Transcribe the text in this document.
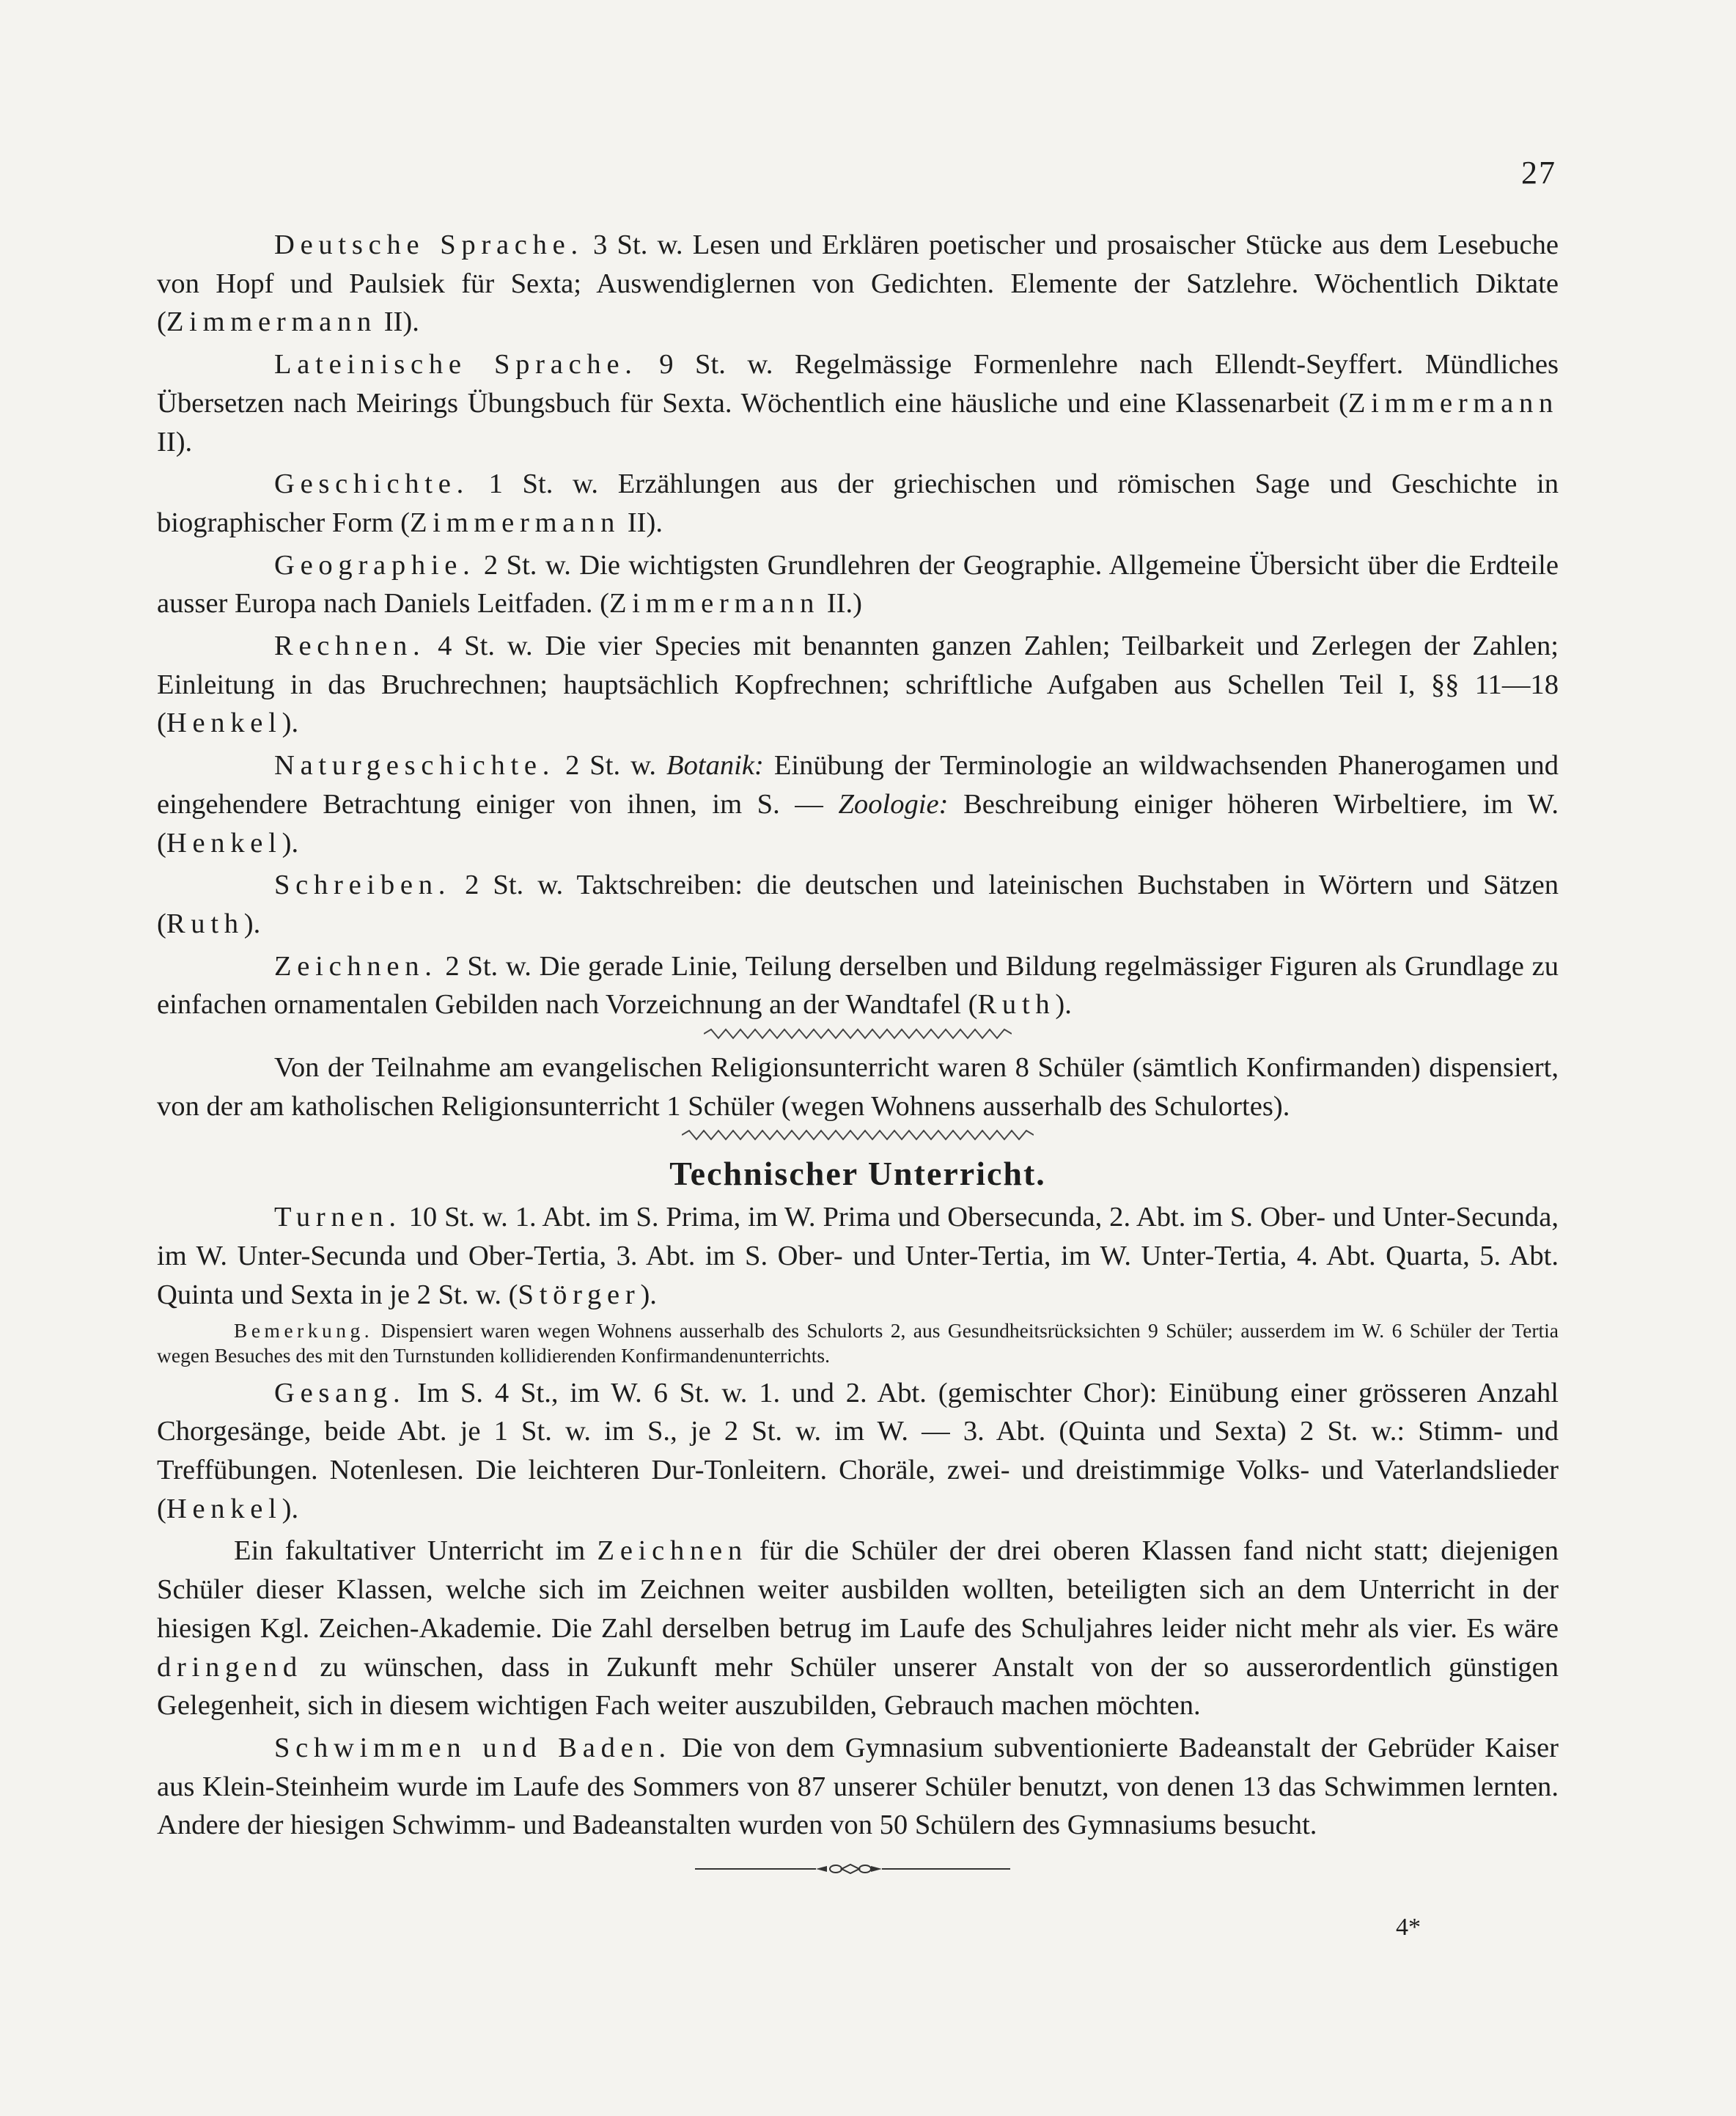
27

Deutsche Sprache. 3 St. w. Lesen und Erklären poetischer und prosaischer Stücke aus dem Lesebuche von Hopf und Paulsiek für Sexta; Auswendiglernen von Gedichten. Elemente der Satzlehre. Wöchentlich Diktate (Zimmermann II).

Lateinische Sprache. 9 St. w. Regelmässige Formenlehre nach Ellendt-Seyffert. Mündliches Übersetzen nach Meirings Übungsbuch für Sexta. Wöchentlich eine häusliche und eine Klassenarbeit (Zimmermann II).

Geschichte. 1 St. w. Erzählungen aus der griechischen und römischen Sage und Geschichte in biographischer Form (Zimmermann II).

Geographie. 2 St. w. Die wichtigsten Grundlehren der Geographie. Allgemeine Übersicht über die Erdteile ausser Europa nach Daniels Leitfaden. (Zimmermann II.)

Rechnen. 4 St. w. Die vier Species mit benannten ganzen Zahlen; Teilbarkeit und Zerlegen der Zahlen; Einleitung in das Bruchrechnen; hauptsächlich Kopfrechnen; schriftliche Aufgaben aus Schellen Teil I, §§ 11—18 (Henkel).

Naturgeschichte. 2 St. w. Botanik: Einübung der Terminologie an wildwachsenden Phanerogamen und eingehendere Betrachtung einiger von ihnen, im S. — Zoologie: Beschreibung einiger höheren Wirbeltiere, im W. (Henkel).

Schreiben. 2 St. w. Taktschreiben: die deutschen und lateinischen Buchstaben in Wörtern und Sätzen (Ruth).

Zeichnen. 2 St. w. Die gerade Linie, Teilung derselben und Bildung regelmässiger Figuren als Grundlage zu einfachen ornamentalen Gebilden nach Vorzeichnung an der Wandtafel (Ruth).

Von der Teilnahme am evangelischen Religionsunterricht waren 8 Schüler (sämtlich Konfirmanden) dispensiert, von der am katholischen Religionsunterricht 1 Schüler (wegen Wohnens ausserhalb des Schulortes).

Technischer Unterricht.

Turnen. 10 St. w. 1. Abt. im S. Prima, im W. Prima und Obersecunda, 2. Abt. im S. Ober- und Unter-Secunda, im W. Unter-Secunda und Ober-Tertia, 3. Abt. im S. Ober- und Unter-Tertia, im W. Unter-Tertia, 4. Abt. Quarta, 5. Abt. Quinta und Sexta in je 2 St. w. (Störger).

Bemerkung. Dispensiert waren wegen Wohnens ausserhalb des Schulorts 2, aus Gesundheitsrücksichten 9 Schüler; ausserdem im W. 6 Schüler der Tertia wegen Besuches des mit den Turnstunden kollidierenden Konfirmandenunterrichts.

Gesang. Im S. 4 St., im W. 6 St. w. 1. und 2. Abt. (gemischter Chor): Einübung einer grösseren Anzahl Chorgesänge, beide Abt. je 1 St. w. im S., je 2 St. w. im W. — 3. Abt. (Quinta und Sexta) 2 St. w.: Stimm- und Treffübungen. Notenlesen. Die leichteren Dur-Tonleitern. Choräle, zwei- und dreistimmige Volks- und Vaterlandslieder (Henkel).

Ein fakultativer Unterricht im Zeichnen für die Schüler der drei oberen Klassen fand nicht statt; diejenigen Schüler dieser Klassen, welche sich im Zeichnen weiter ausbilden wollten, beteiligten sich an dem Unterricht in der hiesigen Kgl. Zeichen-Akademie. Die Zahl derselben betrug im Laufe des Schuljahres leider nicht mehr als vier. Es wäre dringend zu wünschen, dass in Zukunft mehr Schüler unserer Anstalt von der so ausserordentlich günstigen Gelegenheit, sich in diesem wichtigen Fach weiter auszubilden, Gebrauch machen möchten.

Schwimmen und Baden. Die von dem Gymnasium subventionierte Badeanstalt der Gebrüder Kaiser aus Klein-Steinheim wurde im Laufe des Sommers von 87 unserer Schüler benutzt, von denen 13 das Schwimmen lernten. Andere der hiesigen Schwimm- und Badeanstalten wurden von 50 Schülern des Gymnasiums besucht.

4*
